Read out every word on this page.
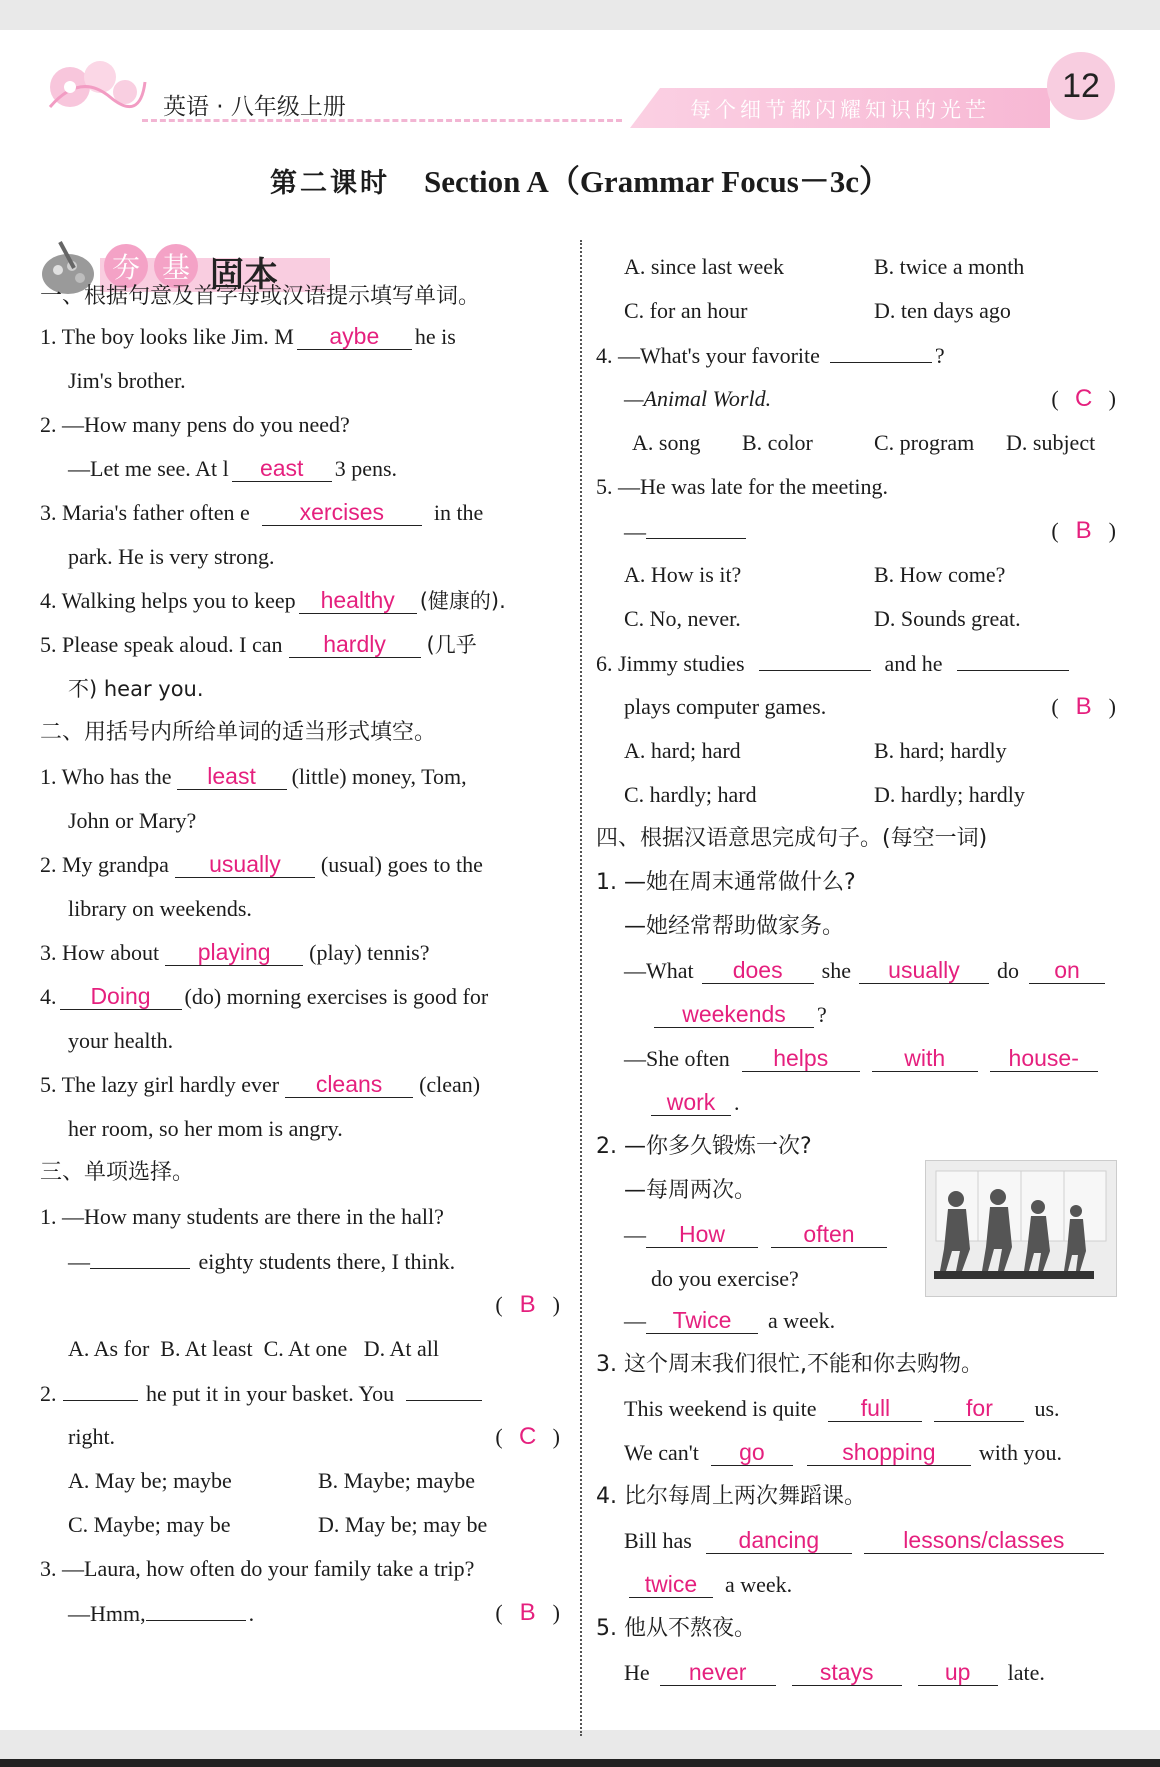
英语 · 八年级上册	每个细节都闪耀知识的光芒
12
第二课时 Section A（Grammar Focus－3c）
夯 基 固本
一、根据句意及首字母或汉语提示填写单词。
1. The boy looks like Jim. M aybe he is
Jim's brother.
2. —How many pens do you need?
—Let me see. At l east 3 pens.
3. Maria's father often e xercises in the
park. He is very strong.
4. Walking helps you to keep healthy (健康的).
5. Please speak aloud. I can hardly (几乎
不) hear you.
二、用括号内所给单词的适当形式填空。
1. Who has the least (little) money, Tom,
John or Mary?
2. My grandpa usually (usual) goes to the
library on weekends.
3. How about playing (play) tennis?
4. Doing (do) morning exercises is good for
your health.
5. The lazy girl hardly ever cleans (clean)
her room, so her mom is angry.
三、单项选择。
1. —How many students are there in the hall?
—	eighty students there, I think.
( B )
A. As for B. At least C. At one D. At all
2.	he put it in your basket. You
right.	( C )
A. May be; maybe	B. Maybe; maybe
C. Maybe; may be	D. May be; may be
3. —Laura, how often do your family take a trip?
—Hmm,	.	( B )
A. since last week	B. twice a month
C. for an hour	D. ten days ago
4. —What's your favorite	?
—Animal World.	( C )
A. song B. color	C. program D. subject
5. —He was late for the meeting.
—	( B )
A. How is it?	B. How come?
C. No, never.	D. Sounds great.
6. Jimmy studies	and he
plays computer games.	( B )
A. hard; hard	B. hard; hardly
C. hardly; hard	D. hardly; hardly
四、根据汉语意思完成句子。(每空一词)
1. —她在周末通常做什么?
—她经常帮助做家务。
—What does she usually do on
weekends ?
—She often helps	with	house-
work .
2. —你多久锻炼一次?
—每周两次。
— How	often
do you exercise?
— Twice a week.
3. 这个周末我们很忙,不能和你去购物。
This weekend is quite full	for us.
We can't go	shopping with you.
4. 比尔每周上两次舞蹈课。
Bill has dancing	lessons/classes
twice a week.
5. 他从不熬夜。
He never	stays	up late.
